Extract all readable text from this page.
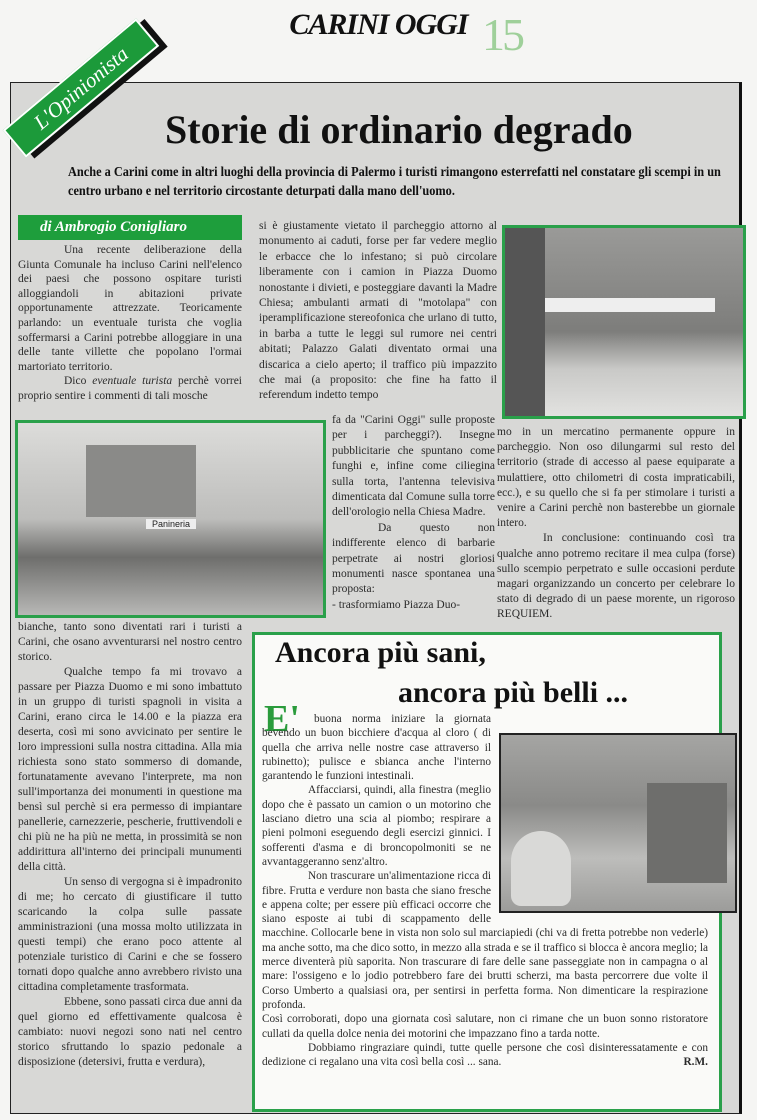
15
CARINI OGGI
L'Opinionista Storie di ordinario degrado
Anche a Carini come in altri luoghi della provincia di Palermo i turisti rimangono esterrefatti nel constatare gli scempi in un centro urbano e nel territorio circostante deturpati dalla mano dell'uomo.
di Ambrogio Conigliaro

Una recente deliberazione della Giunta Comunale ha incluso Carini nell'elenco dei paesi che possono ospitare turisti alloggiandoli in abitazioni private opportunamente attrezzate. Teoricamente parlando: un eventuale turista che voglia soffermarsi a Carini potrebbe alloggiare in una delle tante villette che popolano l'ormai martoriato territorio.

Dico eventuale turista perchè vorrei proprio sentire i commenti di tali mosche

si è giustamente vietato il parcheggio attorno al monumento ai caduti, forse per far vedere meglio le erbacce che lo infestano; si può circolare liberamente con i camion in Piazza Duomo nonostante i divieti, e posteggiare davanti la Madre Chiesa; ambulanti armati di "motolapa" con iperamplificazione stereofonica che urlano di tutto, in barba a tutte le leggi sul rumore nei centri abitati; Palazzo Galati diventato ormai una discarica a cielo aperto; il traffico più impazzito che mai (a proposito: che fine ha fatto il referendum indetto tempo

Panineria

fa da "Carini Oggi" sulle proposte per i parcheggi?). Insegne pubblicitarie che spuntano come funghi e, infine come ciliegina sulla torta, l'antenna televisiva dimenticata dal Comune sulla torre dell'orologio nella Chiesa Madre.

Da questo non indifferente elenco di barbarie perpetrate ai nostri gloriosi monumenti nasce spontanea una proposta:

- trasformiamo Piazza Duo-

mo in un mercatino permanente oppure in parcheggio. Non oso dilungarmi sul resto del territorio (strade di accesso al paese equiparate a mulattiere, otto chilometri di costa impraticabili, ecc.), e su quello che si fa per stimolare i turisti a venire a Carini perchè non basterebbe un giornale intero.

In conclusione: continuando così tra qualche anno potremo recitare il mea culpa (forse) sullo scempio perpetrato e sulle occasioni perdute magari organizzando un concerto per celebrare lo stato di degrado di un paese morente, un rigoroso REQUIEM.

bianche, tanto sono diventati rari i turisti a Carini, che osano avventurarsi nel nostro centro storico.

Qualche tempo fa mi trovavo a passare per Piazza Duomo e mi sono imbattuto in un gruppo di turisti spagnoli in visita a Carini, erano circa le 14.00 e la piazza era deserta, così mi sono avvicinato per sentire le loro impressioni sulla nostra cittadina. Alla mia richiesta sono stato sommerso di domande, fortunatamente avevano l'interprete, ma non sull'importanza dei monumenti in questione ma bensì sul perchè si era permesso di impiantare panellerie, carnezzerie, pescherie, fruttivendoli e chi più ne ha più ne metta, in prossimità se non addirittura all'interno dei principali munumenti della città.

Un senso di vergogna si è impadronito di me; ho cercato di giustificare il tutto scaricando la colpa sulle passate amministrazioni (una mossa molto utilizzata in questi tempi) che erano poco attente al potenziale turistico di Carini e che se fossero tornati dopo qualche anno avrebbero rivisto una cittadina completamente trasformata.

Ebbene, sono passati circa due anni da quel giorno ed effettivamente qualcosa è cambiato: nuovi negozi sono nati nel centro storico sfruttando lo spazio pedonale a disposizione (detersivi, frutta e verdura),

Ancora più sani,
ancora più belli ...
E'	buona norma iniziare la giornata bevendo un buon bicchiere d'acqua al cloro ( di quella che arriva nelle nostre case attraverso il rubinetto); pulisce e sbianca anche l'interno garantendo le funzioni intestinali.

Affacciarsi, quindi, alla finestra (meglio dopo che è passato un camion o un motorino che lasciano dietro una scia al piombo; respirare a pieni polmoni eseguendo degli esercizi ginnici. I sofferenti d'asma e di broncopolmoniti se ne avvantaggeranno senz'altro.

Non trascurare un'alimentazione ricca di fibre. Frutta e verdure non basta che siano fresche e appena colte; per essere più efficaci occorre che siano esposte ai tubi di scappamento delle macchine. Collocarle bene in vista non solo sul marciapiedi (chi va di fretta potrebbe non vederle) ma anche sotto, ma che dico sotto, in mezzo alla strada e se il traffico si blocca è ancora meglio; la merce diventerà più saporita. Non trascurare di fare delle sane passeggiate non in campagna o al mare: l'ossigeno e lo jodio potrebbero fare dei brutti scherzi, ma basta percorrere due volte il Corso Umberto a qualsiasi ora, per sentirsi in perfetta forma. Non dimenticare la respirazione profonda.

Così corroborati, dopo una giornata così salutare, non ci rimane che un buon sonno ristoratore cullati da quella dolce nenia dei motorini che impazzano fino a tarda notte.

Dobbiamo ringraziare quindi, tutte quelle persone che così disinteressatamente e con dedizione ci regalano una vita così bella così ... sana.	R.M.
